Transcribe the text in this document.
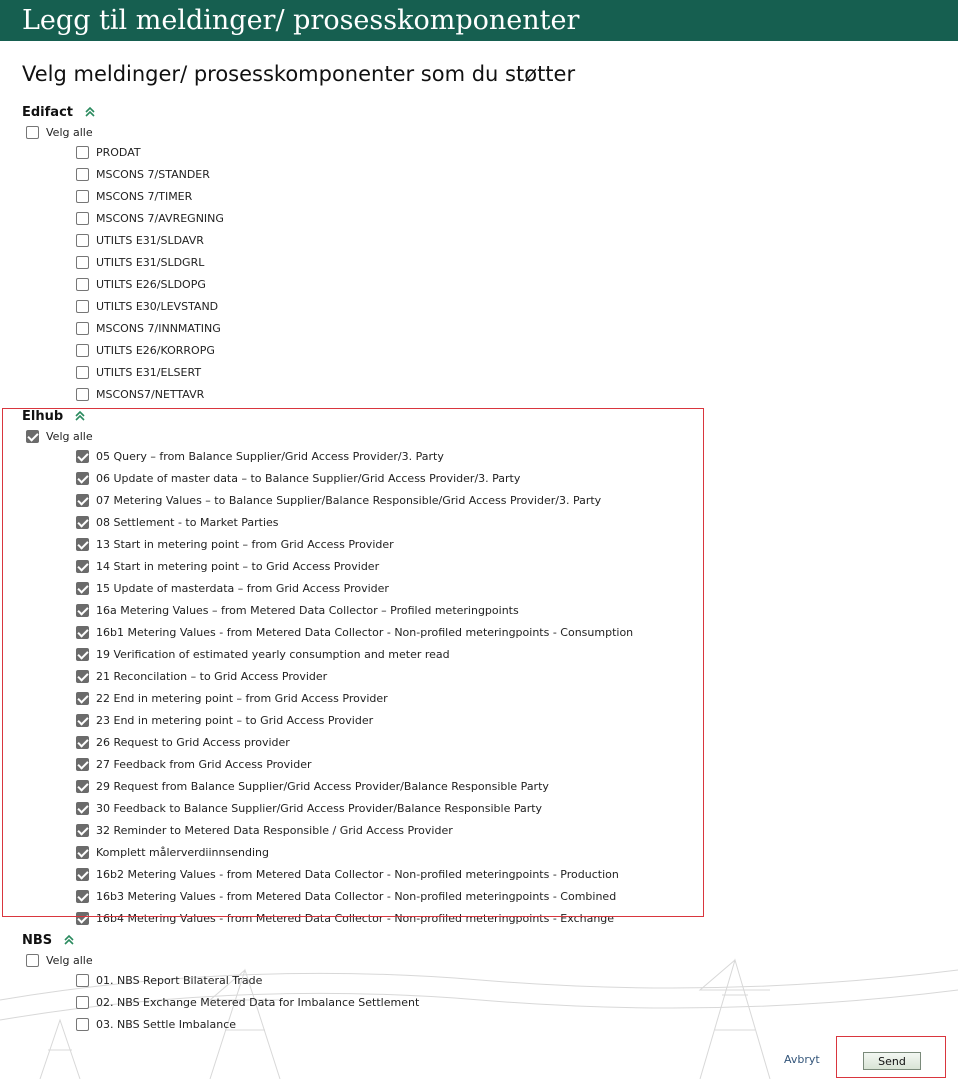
Legg til meldinger/ prosesskomponenter
Velg meldinger/ prosesskomponenter som du støtter
Edifact
Velg alle
Elhub
Velg alle
NBS
Velg alle
PRODAT
MSCONS 7/STANDER
MSCONS 7/TIMER
MSCONS 7/AVREGNING
UTILTS E31/SLDAVR
UTILTS E31/SLDGRL
UTILTS E26/SLDOPG
UTILTS E30/LEVSTAND
MSCONS 7/INNMATING
UTILTS E26/KORROPG
UTILTS E31/ELSERT
MSCONS7/NETTAVR
05 Query – from Balance Supplier/Grid Access Provider/3. Party
06 Update of master data – to Balance Supplier/Grid Access Provider/3. Party
07 Metering Values – to Balance Supplier/Balance Responsible/Grid Access Provider/3. Party
08 Settlement - to Market Parties
13 Start in metering point – from Grid Access Provider
14 Start in metering point – to Grid Access Provider
15 Update of masterdata – from Grid Access Provider
16a Metering Values – from Metered Data Collector – Profiled meteringpoints
16b1 Metering Values - from Metered Data Collector - Non-profiled meteringpoints - Consumption
19 Verification of estimated yearly consumption and meter read
21 Reconcilation – to Grid Access Provider
22 End in metering point – from Grid Access Provider
23 End in metering point – to Grid Access Provider
26 Request to Grid Access provider
27 Feedback from Grid Access Provider
29 Request from Balance Supplier/Grid Access Provider/Balance Responsible Party
30 Feedback to Balance Supplier/Grid Access Provider/Balance Responsible Party
32 Reminder to Metered Data Responsible / Grid Access Provider
Komplett målerverdiinnsending
16b2 Metering Values - from Metered Data Collector - Non-profiled meteringpoints - Production
16b3 Metering Values - from Metered Data Collector - Non-profiled meteringpoints - Combined
16b4 Metering Values - from Metered Data Collector - Non-profiled meteringpoints - Exchange
01. NBS Report Bilateral Trade
02. NBS Exchange Metered Data for Imbalance Settlement
03. NBS Settle Imbalance
Avbryt	Send
